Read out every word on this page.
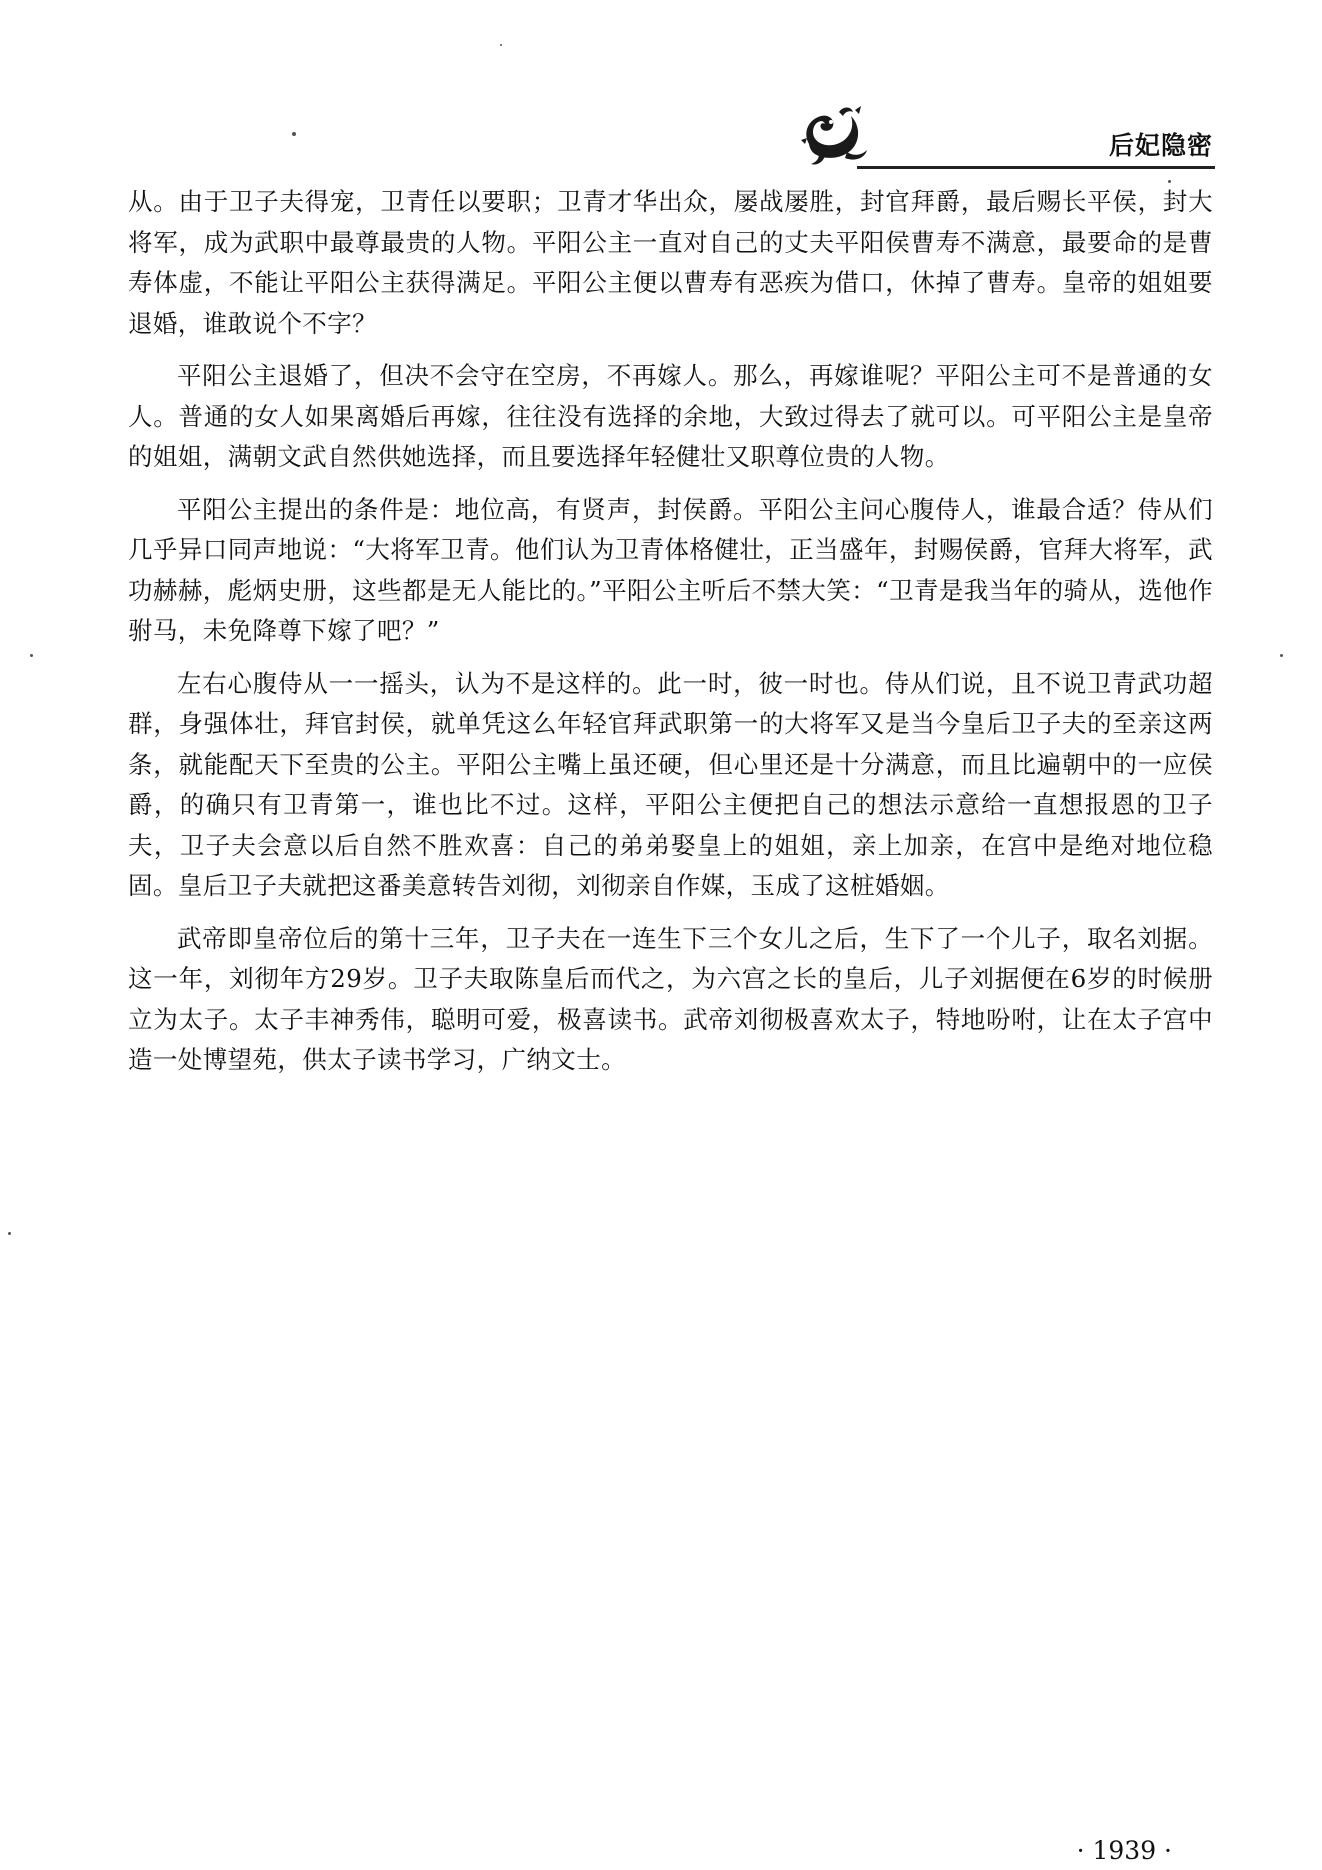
后妃隐密

从。由于卫子夫得宠，卫青任以要职；卫青才华出众，屡战屡胜，封官拜爵，最后赐长平侯，封大将军，成为武职中最尊最贵的人物。平阳公主一直对自己的丈夫平阳侯曹寿不满意，最要命的是曹寿体虚，不能让平阳公主获得满足。平阳公主便以曹寿有恶疾为借口，休掉了曹寿。皇帝的姐姐要退婚，谁敢说个不字？

平阳公主退婚了，但决不会守在空房，不再嫁人。那么，再嫁谁呢？平阳公主可不是普通的女人。普通的女人如果离婚后再嫁，往往没有选择的余地，大致过得去了就可以。可平阳公主是皇帝的姐姐，满朝文武自然供她选择，而且要选择年轻健壮又职尊位贵的人物。

平阳公主提出的条件是：地位高，有贤声，封侯爵。平阳公主问心腹侍人，谁最合适？侍从们几乎异口同声地说：“大将军卫青。他们认为卫青体格健壮，正当盛年，封赐侯爵，官拜大将军，武功赫赫，彪炳史册，这些都是无人能比的。”平阳公主听后不禁大笑：“卫青是我当年的骑从，选他作驸马，未免降尊下嫁了吧？”

左右心腹侍从一一摇头，认为不是这样的。此一时，彼一时也。侍从们说，且不说卫青武功超群，身强体壮，拜官封侯，就单凭这么年轻官拜武职第一的大将军又是当今皇后卫子夫的至亲这两条，就能配天下至贵的公主。平阳公主嘴上虽还硬，但心里还是十分满意，而且比遍朝中的一应侯爵，的确只有卫青第一，谁也比不过。这样，平阳公主便把自己的想法示意给一直想报恩的卫子夫，卫子夫会意以后自然不胜欢喜：自己的弟弟娶皇上的姐姐，亲上加亲，在宫中是绝对地位稳固。皇后卫子夫就把这番美意转告刘彻，刘彻亲自作媒，玉成了这桩婚姻。

武帝即皇帝位后的第十三年，卫子夫在一连生下三个女儿之后，生下了一个儿子，取名刘据。这一年，刘彻年方29岁。卫子夫取陈皇后而代之，为六宫之长的皇后，儿子刘据便在6岁的时候册立为太子。太子丰神秀伟，聪明可爱，极喜读书。武帝刘彻极喜欢太子，特地吩咐，让在太子宫中造一处博望苑，供太子读书学习，广纳文士。

· 1939 ·
